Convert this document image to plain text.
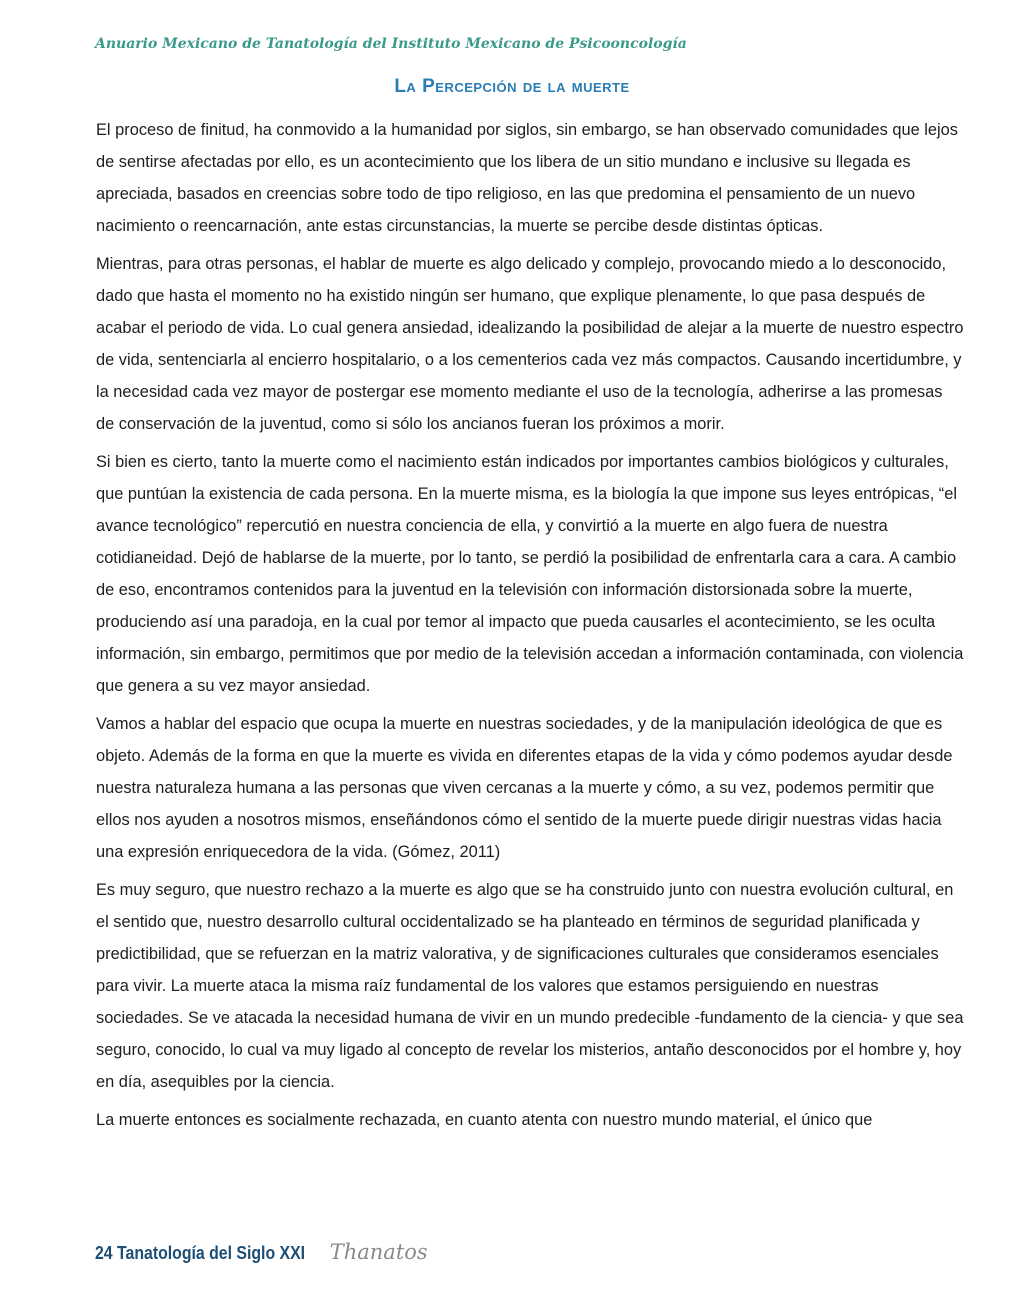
Anuario Mexicano de Tanatología del Instituto Mexicano de Psicooncología
La Percepción de la muerte

El proceso de finitud, ha conmovido a la humanidad por siglos, sin embargo, se han observado comunidades que lejos de sentirse afectadas por ello, es un acontecimiento que los libera de un sitio mundano e inclusive su llegada es apreciada, basados en creencias sobre todo de tipo religioso, en las que predomina el pensamiento de un nuevo nacimiento o reencarnación, ante estas circunstancias, la muerte se percibe desde distintas ópticas.

Mientras, para otras personas, el hablar de muerte es algo delicado y complejo, provocando miedo a lo desconocido, dado que hasta el momento no ha existido ningún ser humano, que explique plenamente, lo que pasa después de acabar el periodo de vida. Lo cual genera ansiedad, idealizando la posibilidad de alejar a la muerte de nuestro espectro de vida, sentenciarla al encierro hospitalario, o a los cementerios cada vez más compactos. Causando incertidumbre, y la necesidad cada vez mayor de postergar ese momento mediante el uso de la tecnología, adherirse a las promesas de conservación de la juventud, como si sólo los ancianos fueran los próximos a morir.

Si bien es cierto, tanto la muerte como el nacimiento están indicados por importantes cambios biológicos y culturales, que puntúan la existencia de cada persona. En la muerte misma, es la biología la que impone sus leyes entrópicas, “el avance tecnológico” repercutió en nuestra conciencia de ella, y convirtió a la muerte en algo fuera de nuestra cotidianeidad. Dejó de hablarse de la muerte, por lo tanto, se perdió la posibilidad de enfrentarla cara a cara. A cambio de eso, encontramos contenidos para la juventud en la televisión con información distorsionada sobre la muerte, produciendo así una paradoja, en la cual por temor al impacto que pueda causarles el acontecimiento, se les oculta información, sin embargo, permitimos que por medio de la televisión accedan a información contaminada, con violencia que genera a su vez mayor ansiedad.

Vamos a hablar del espacio que ocupa la muerte en nuestras sociedades, y de la manipulación ideológica de que es objeto. Además de la forma en que la muerte es vivida en diferentes etapas de la vida y cómo podemos ayudar desde nuestra naturaleza humana a las personas que viven cercanas a la muerte y cómo, a su vez, podemos permitir que ellos nos ayuden a nosotros mismos, enseñándonos cómo el sentido de la muerte puede dirigir nuestras vidas hacia una expresión enriquecedora de la vida. (Gómez, 2011)

Es muy seguro, que nuestro rechazo a la muerte es algo que se ha construido junto con nuestra evolución cultural, en el sentido que, nuestro desarrollo cultural occidentalizado se ha planteado en términos de seguridad planificada y predictibilidad, que se refuerzan en la matriz valorativa, y de significaciones culturales que consideramos esenciales para vivir. La muerte ataca la misma raíz fundamental de los valores que estamos persiguiendo en nuestras sociedades. Se ve atacada la necesidad humana de vivir en un mundo predecible -fundamento de la ciencia- y que sea seguro, conocido, lo cual va muy ligado al concepto de revelar los misterios, antaño desconocidos por el hombre y, hoy en día, asequibles por la ciencia.

La muerte entonces es socialmente rechazada, en cuanto atenta con nuestro mundo material, el único que

24 Tanatología del Siglo XXI Thanatos
